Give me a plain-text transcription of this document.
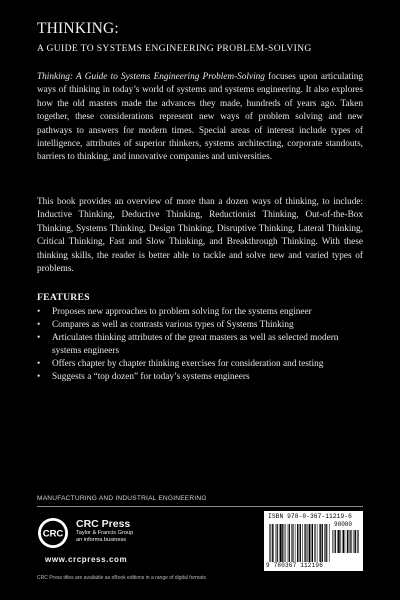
THINKING:
A GUIDE TO SYSTEMS ENGINEERING PROBLEM-SOLVING
Thinking: A Guide to Systems Engineering Problem-Solving focuses upon articulating ways of thinking in today’s world of systems and systems engineering. It also explores how the old masters made the advances they made, hundreds of years ago. Taken together, these considerations represent new ways of problem solving and new pathways to answers for modern times. Special areas of interest include types of intelligence, attributes of superior thinkers, systems architecting, corporate standouts, barriers to thinking, and innovative companies and universities.
This book provides an overview of more than a dozen ways of thinking, to include: Inductive Thinking, Deductive Thinking, Reductionist Thinking, Out-of-the-Box Thinking, Systems Thinking, Design Thinking, Disruptive Thinking, Lateral Thinking, Critical Thinking, Fast and Slow Thinking, and Breakthrough Thinking. With these thinking skills, the reader is better able to tackle and solve new and varied types of problems.
FEATURES
• Proposes new approaches to problem solving for the systems engineer
• Compares as well as contrasts various types of Systems Thinking
• Articulates thinking attributes of the great masters as well as selected modern systems engineers
• Offers chapter by chapter thinking exercises for consideration and testing
• Suggests a “top dozen” for today’s systems engineers
MANUFACTURING AND INDUSTRIAL ENGINEERING
CRC
CRC Press
Taylor & Francis Group
an informa business
www.crcpress.com
CRC Press titles are available as eBook editions in a range of digital formats
ISBN 978-0-367-11219-6
90000
9 780367 112196
